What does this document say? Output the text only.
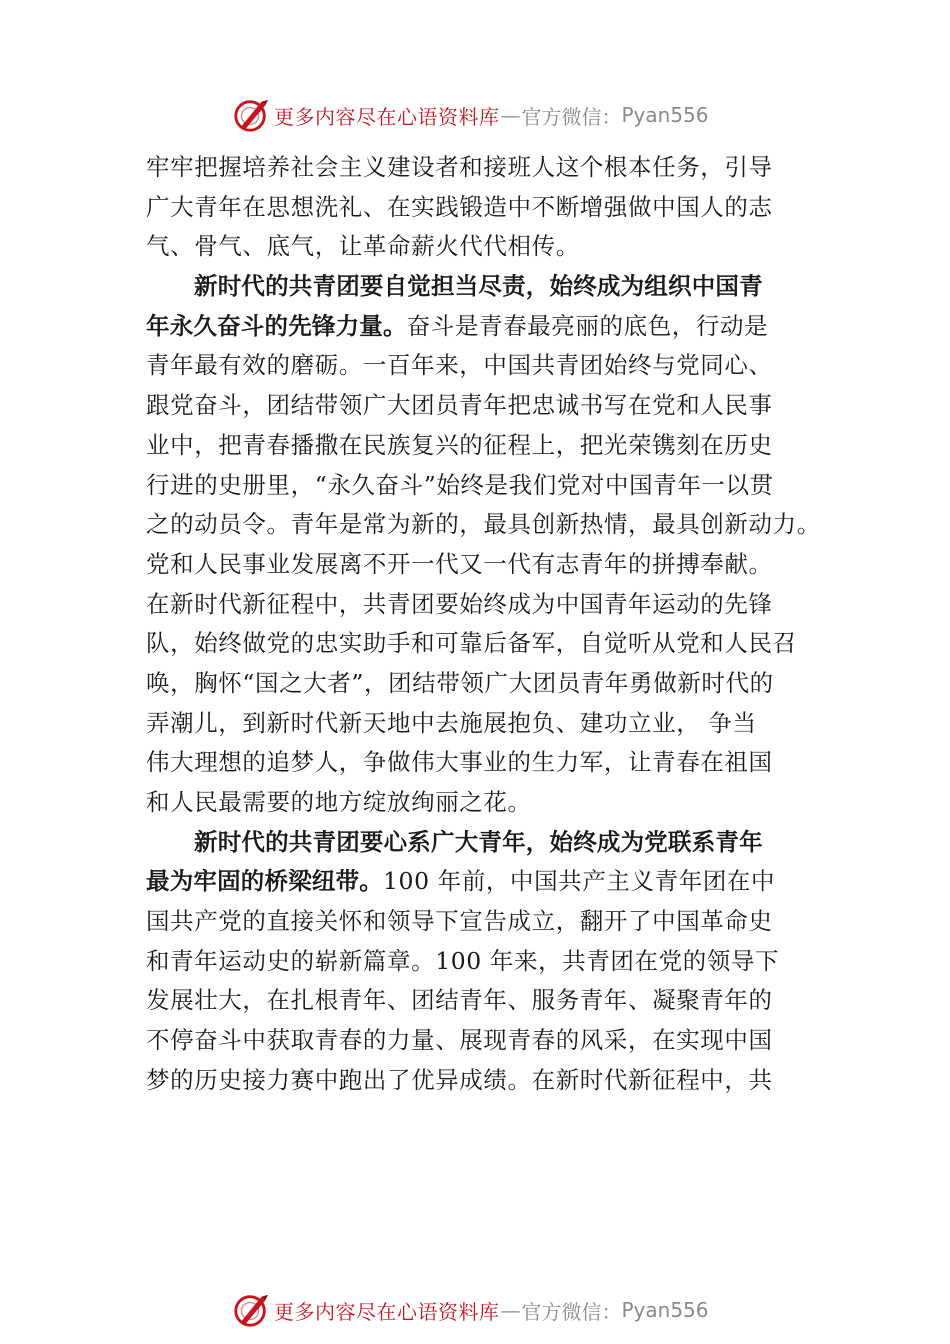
更多内容尽在心语资料库 — 官方微信： Pyan556
牢牢把握培养社会主义建设者和接班人这个根本任务，引导
广大青年在思想洗礼、在实践锻造中不断增强做中国人的志
气、骨气、底气，让革命薪火代代相传。
新时代的共青团要自觉担当尽责，始终成为组织中国青
年永久奋斗的先锋力量。奋斗是青春最亮丽的底色，行动是
青年最有效的磨砺。一百年来，中国共青团始终与党同心、
跟党奋斗，团结带领广大团员青年把忠诚书写在党和人民事
业中，把青春播撒在民族复兴的征程上，把光荣镌刻在历史
行进的史册里，“永久奋斗”始终是我们党对中国青年一以贯
之的动员令。青年是常为新的，最具创新热情，最具创新动力。
党和人民事业发展离不开一代又一代有志青年的拼搏奉献。
在新时代新征程中，共青团要始终成为中国青年运动的先锋
队，始终做党的忠实助手和可靠后备军，自觉听从党和人民召
唤，胸怀“国之大者”，团结带领广大团员青年勇做新时代的
弄潮儿，到新时代新天地中去施展抱负、建功立业， 争当
伟大理想的追梦人，争做伟大事业的生力军，让青春在祖国
和人民最需要的地方绽放绚丽之花。
新时代的共青团要心系广大青年，始终成为党联系青年
最为牢固的桥梁纽带。100 年前，中国共产主义青年团在中
国共产党的直接关怀和领导下宣告成立，翻开了中国革命史
和青年运动史的崭新篇章。100 年来，共青团在党的领导下
发展壮大，在扎根青年、团结青年、服务青年、凝聚青年的
不停奋斗中获取青春的力量、展现青春的风采，在实现中国
梦的历史接力赛中跑出了优异成绩。在新时代新征程中，共
更多内容尽在心语资料库 — 官方微信： Pyan556
